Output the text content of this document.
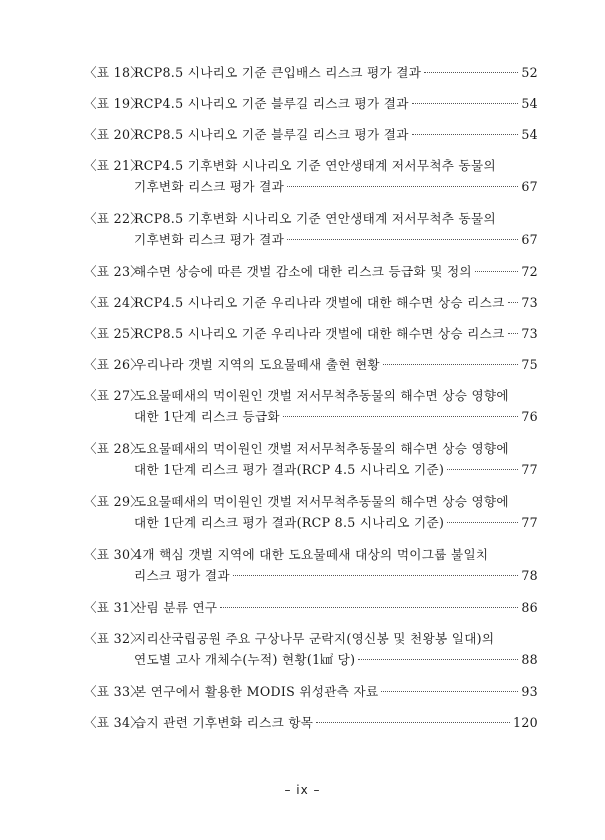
〈표 18〉
RCP8.5 시나리오 기준 큰입배스 리스크 평가 결과	52
〈표 19〉
RCP4.5 시나리오 기준 블루길 리스크 평가 결과	54
〈표 20〉
RCP8.5 시나리오 기준 블루길 리스크 평가 결과	54
〈표 21〉
RCP4.5 기후변화 시나리오 기준 연안생태계 저서무척추 동물의
기후변화 리스크 평가 결과	67
〈표 22〉
RCP8.5 기후변화 시나리오 기준 연안생태계 저서무척추 동물의
기후변화 리스크 평가 결과	67
〈표 23〉
해수면 상승에 따른 갯벌 감소에 대한 리스크 등급화 및 정의	72
〈표 24〉
RCP4.5 시나리오 기준 우리나라 갯벌에 대한 해수면 상승 리스크 73
〈표 25〉
RCP8.5 시나리오 기준 우리나라 갯벌에 대한 해수면 상승 리스크 73
〈표 26〉
우리나라 갯벌 지역의 도요물떼새 출현 현황	75
〈표 27〉
도요물떼새의 먹이원인 갯벌 저서무척추동물의 해수면 상승 영향에
대한 1단계 리스크 등급화	76
〈표 28〉
도요물떼새의 먹이원인 갯벌 저서무척추동물의 해수면 상승 영향에
대한 1단계 리스크 평가 결과(RCP 4.5 시나리오 기준)	77
〈표 29〉
도요물떼새의 먹이원인 갯벌 저서무척추동물의 해수면 상승 영향에
대한 1단계 리스크 평가 결과(RCP 8.5 시나리오 기준)	77
〈표 30〉
4개 핵심 갯벌 지역에 대한 도요물떼새 대상의 먹이그룹 불일치
리스크 평가 결과	78
〈표 31〉
산림 분류 연구	86
〈표 32〉
지리산국립공원 주요 구상나무 군락지(영신봉 및 천왕봉 일대)의
연도별 고사 개체수(누적) 현황(1㎢ 당)	88
〈표 33〉
본 연구에서 활용한 MODIS 위성관측 자료	93
〈표 34〉
습지 관련 기후변화 리스크 항목	120
– ix –
